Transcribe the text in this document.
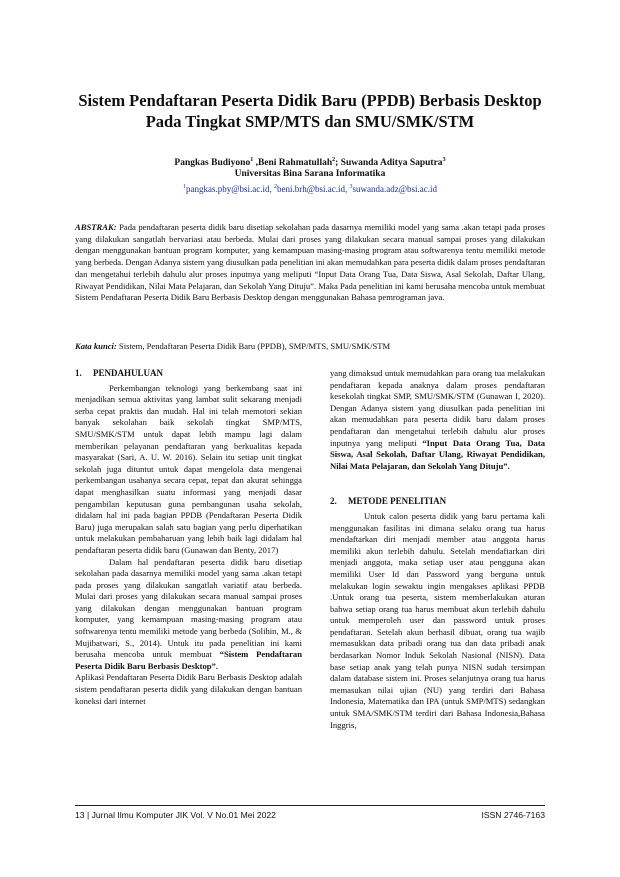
Sistem Pendaftaran Peserta Didik Baru (PPDB) Berbasis Desktop
Pada Tingkat SMP/MTS dan SMU/SMK/STM
Pangkas Budiyono$^1$ ,Beni Rahmatullah$^2$; Suwanda Aditya Saputra$^3$
Universitas Bina Sarana Informatika
$^1$pangkas.pby@bsi.ac.id, $^2$beni.brh@bsi.ac.id, $^3$suwanda.adz@bsi.ac.id
ABSTRAK: Pada pendaftaran peserta didik baru disetiap sekolahan pada dasarnya memiliki model yang sama .akan tetapi pada proses yang dilakukan sangatlah bervariasi atau berbeda. Mulai dari proses yang dilakukan secara manual sampai proses yang dilakukan dengan menggunakan bantuan program komputer, yang kemampuan masing-masing program atau softwarenya tentu memiliki metode yang berbeda. Dengan Adanya sistem yang diusulkan pada penelitian ini akan memudahkan para peserta didik dalam proses pendaftaran dan mengetahui terlebih dahulu alur proses inputnya yang meliputi “Input Data Orang Tua, Data Siswa, Asal Sekolah, Daftar Ulang, Riwayat Pendidikan, Nilai Mata Pelajaran, dan Sekolah Yang Dituju”. Maka Pada penelitian ini kami berusaha mencoba untuk membuat Sistem Pendaftaran Peserta Didik Baru Berbasis Desktop dengan menggunakan Bahasa pemrograman java.
Kata kunci: Sistem, Pendaftaran Peserta Didik Baru (PPDB), SMP/MTS, SMU/SMK/STM
1. PENDAHULUAN

Perkembangan teknologi yang berkembang saat ini menjadikan semua aktivitas yang lambat sulit sekarang menjadi serba cepat praktis dan mudah. Hal ini telah memotori sekian banyak sekolahan baik sekolah tingkat SMP/MTS, SMU/SMK/STM untuk dapat lebih mampu lagi dalam memberikan pelayanan pendaftaran yang berkualitas kepada masyarakat (Sari, A. U. W. 2016). Selain itu setiap unit tingkat sekolah juga dituntut untuk dapat mengelola data mengenai perkembangan usahanya secara cepat, tepat dan akurat sehingga dapat menghasilkan suatu informasi yang menjadi dasar pengambilan keputusan guna pembangunan usaha sekolah, didalam hal ini pada bagian PPDB (Pendaftaran Peserta Didik Baru) juga merupakan salah satu bagian yang perlu diperhatikan untuk melakukan pembaharuan yang lebih baik lagi didalam hal pendaftaran peserta didik baru (Gunawan dan Benty, 2017)

Dalam hal pendaftaran peserta didik baru disetiap sekolahan pada dasarnya memiliki model yang sama .akan tetapi pada proses yang dilakukan sangatlah variatif atau berbeda. Mulai dari proses yang dilakukan secara manual sampai proses yang dilakukan dengan menggunakan bantuan program komputer, yang kemampuan masing-masing program atau softwarenya tentu memiliki metode yang berbeda (Solihin, M., & Mujibatwari, S., 2014). Untuk itu pada penelitian ini kami berusaha mencoba untuk membuat “Sistem Pendaftaran Peserta Didik Baru Berbasis Desktop”.

Aplikasi Pendaftaran Peserta Didik Baru Berbasis Desktop adalah sistem pendaftaran peserta didik yang dilakukan dengan bantuan koneksi dari internet

yang dimaksud untuk memudahkan para orang tua melakukan pendaftaran kepada anaknya dalam proses pendaftaran kesekolah tingkat SMP, SMU/SMK/STM (Gunawan I, 2020). Dengan Adanya sistem yang diusulkan pada penelitian ini akan memudahkan para peserta didik baru dalam proses pendaftaran dan mengetahui terlebih dahulu alur proses inputnya yang meliputi “Input Data Orang Tua, Data Siswa, Asal Sekolah, Daftar Ulang, Riwayat Pendidikan, Nilai Mata Pelajaran, dan Sekolah Yang Dituju”.

2. METODE PENELITIAN

Untuk calon peserta didik yang baru pertama kali menggunakan fasilitas ini dimana selaku orang tua harus mendaftarkan diri menjadi member atau anggota harus memiliki akun terlebih dahulu. Setelah mendaftarkan diri menjadi anggota, maka setiap user atau pengguna akan memiliki User Id dan Password yang berguna untuk melakukan login sewaktu ingin mengakses aplikasi PPDB .Untuk orang tua peserta, sistem memberlakukan aturan bahwa setiap orang tua harus membuat akun terlebih dahulu untuk memperoleh user dan password untuk proses pendaftaran. Setelah akun berhasil dibuat, orang tua wajib memasukkan data pribadi orang tua dan data pribadi anak berdasarkan Nomor Induk Sekolah Nasional (NISN). Data base setiap anak yang telah punya NISN sudah tersimpan dalam database sistem ini. Proses selanjutnya orang tua harus memasukan nilai ujian (NU) yang terdiri dari Bahasa Indonesia, Matematika dan IPA (untuk SMP/MTS) sedangkan untuk SMA/SMK/STM terdiri dari Bahasa Indonesia,Bahasa Inggris,

13 | Jurnal Ilmu Komputer JIK Vol. V No.01 Mei 2022	ISSN 2746-7163
